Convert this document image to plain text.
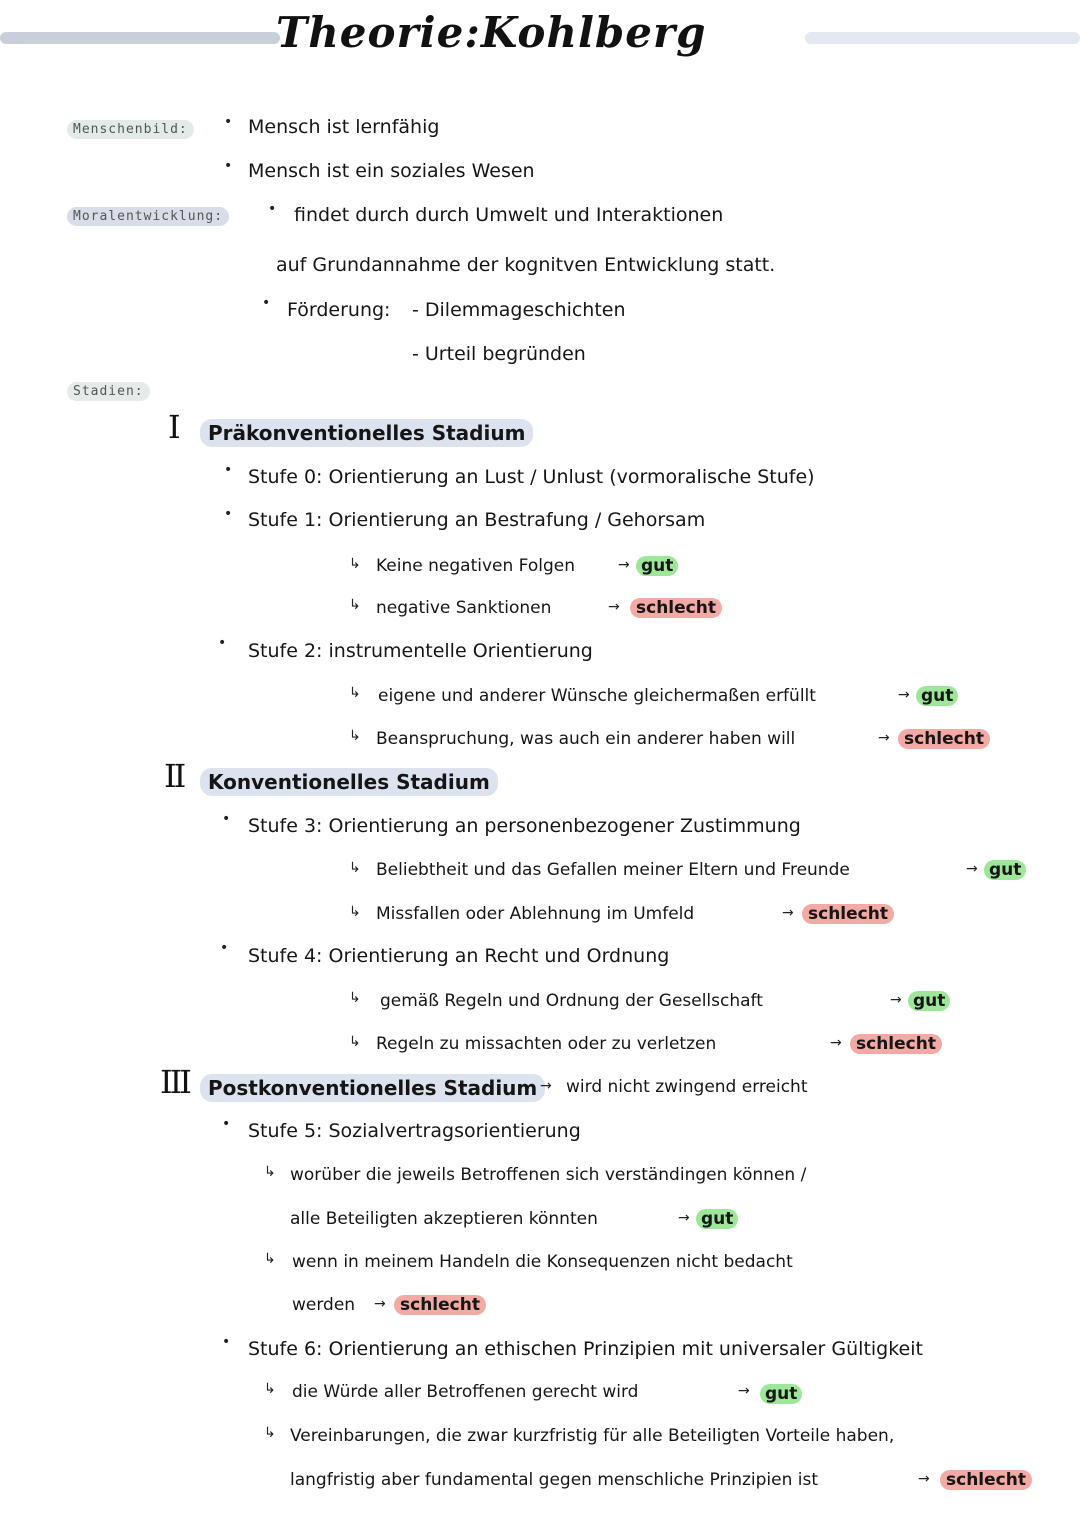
Theorie:Kohlberg
Menschenbild:	• Mensch ist lernfähig
• Mensch ist ein soziales Wesen
Moralentwicklung:	• findet durch durch Umwelt und Interaktionen
auf Grundannahme der kognitven Entwicklung statt.
• Förderung: - Dilemmageschichten
- Urteil begründen
Stadien:
I	Präkonventionelles Stadium
• Stufe 0: Orientierung an Lust / Unlust (vormoralische Stufe)
• Stufe 1: Orientierung an Bestrafung / Gehorsam
↳ Keine negativen Folgen	→ gut
↳ negative Sanktionen	→ schlecht
• Stufe 2: instrumentelle Orientierung
↳ eigene und anderer Wünsche gleichermaßen erfüllt	→ gut
↳ Beanspruchung, was auch ein anderer haben will	→ schlecht
II	Konventionelles Stadium
• Stufe 3: Orientierung an personenbezogener Zustimmung
↳ Beliebtheit und das Gefallen meiner Eltern und Freunde	→ gut
↳ Missfallen oder Ablehnung im Umfeld	→ schlecht
• Stufe 4: Orientierung an Recht und Ordnung
↳ gemäß Regeln und Ordnung der Gesellschaft	→ gut
↳ Regeln zu missachten oder zu verletzen	→ schlecht
III Postkonventionelles Stadium → wird nicht zwingend erreicht
• Stufe 5: Sozialvertragsorientierung
↳ worüber die jeweils Betroffenen sich verständingen können /
alle Beteiligten akzeptieren könnten	→ gut
↳ wenn in meinem Handeln die Konsequenzen nicht bedacht
werden → schlecht
• Stufe 6: Orientierung an ethischen Prinzipien mit universaler Gültigkeit
↳ die Würde aller Betroffenen gerecht wird	→ gut
↳ Vereinbarungen, die zwar kurzfristig für alle Beteiligten Vorteile haben,
langfristig aber fundamental gegen menschliche Prinzipien ist	→ schlecht
